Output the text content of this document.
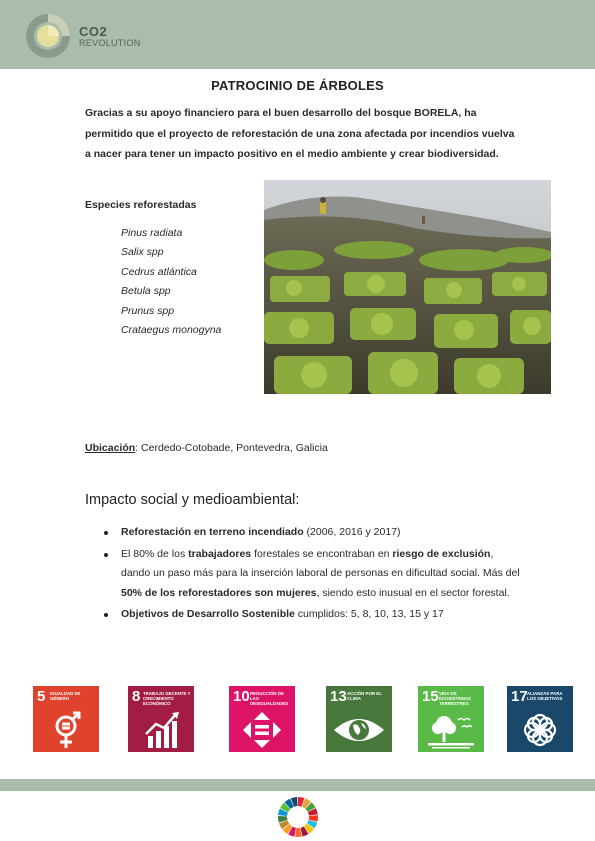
CO2
REVOLUTION
PATROCINIO DE ÁRBOLES

Gracias a su apoyo financiero para el buen desarrollo del bosque BORELA, ha permitido que el proyecto de reforestación de una zona afectada por incendios vuelva a nacer para tener un impacto positivo en el medio ambiente y crear biodiversidad.

Especies reforestadas
Pinus radiata
Salix spp
Cedrus atlántica
Betula spp
Prunus spp
Crataegus monogyna
Ubicación: Cerdedo-Cotobade, Pontevedra, Galicia
Impacto social y medioambiental:
Reforestación en terreno incendiado (2006, 2016 y 2017)
El 80% de los trabajadores forestales se encontraban en riesgo de exclusión, dando un paso más para la inserción laboral de personas en dificultad social. Más del 50% de los reforestadores son mujeres, siendo esto inusual en el sector forestal.
Objetivos de Desarrollo Sostenible cumplidos: 5, 8, 10, 13, 15 y 17
5 IGUALDAD DE GÉNERO	8 TRABAJO DECENTE Y CRECIMIENTO ECONÓMICO	10 REDUCCIÓN DE LAS DESIGUALDADES	13 ACCIÓN POR EL CLIMA	15 VIDA DE ECOSISTEMAS TERRESTRES	17 ALIANZAS PARA LOS OBJETIVOS
